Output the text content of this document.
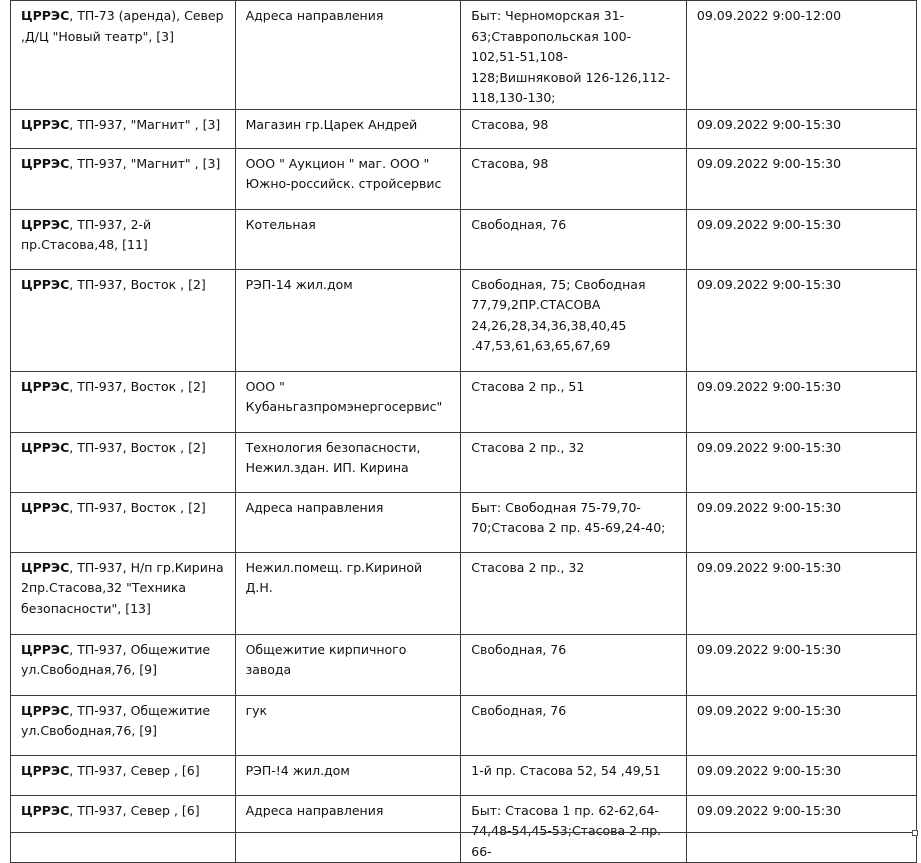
ЦРРЭС, ТП-73 (аренда), Север ,Д/Ц "Новый театр", [3]	Адреса направления	Быт: Черноморская 31-63;Ставропольская 100-102,51-51,108-128;Вишняковой 126-126,112-118,130-130;	09.09.2022 9:00-12:00
ЦРРЭС, ТП-937, "Магнит" , [3]	Магазин гр.Царек Андрей	Стасова, 98	09.09.2022 9:00-15:30
ЦРРЭС, ТП-937, "Магнит" , [3]	ООО " Аукцион " маг. ООО " Южно-российск. стройсервис	Стасова, 98	09.09.2022 9:00-15:30
ЦРРЭС, ТП-937, 2-й пр.Стасова,48, [11]	Котельная	Свободная, 76	09.09.2022 9:00-15:30
ЦРРЭС, ТП-937, Восток , [2]	РЭП-14 жил.дом	Свободная, 75; Свободная 77,79,2ПР.СТАСОВА 24,26,28,34,36,38,40,45 .47,53,61,63,65,67,69	09.09.2022 9:00-15:30
ЦРРЭС, ТП-937, Восток , [2]	ООО " Кубаньгазпромэнергосервис"	Стасова 2 пр., 51	09.09.2022 9:00-15:30
ЦРРЭС, ТП-937, Восток , [2]	Технология безопасности, Нежил.здан. ИП. Кирина	Стасова 2 пр., 32	09.09.2022 9:00-15:30
ЦРРЭС, ТП-937, Восток , [2]	Адреса направления	Быт: Свободная 75-79,70-70;Стасова 2 пр. 45-69,24-40;	09.09.2022 9:00-15:30
ЦРРЭС, ТП-937, Н/п гр.Кирина 2пр.Стасова,32 "Техника безопасности", [13]	Нежил.помещ. гр.Кириной Д.Н.	Стасова 2 пр., 32	09.09.2022 9:00-15:30
ЦРРЭС, ТП-937, Общежитие ул.Свободная,76, [9]	Общежитие кирпичного завода	Свободная, 76	09.09.2022 9:00-15:30
ЦРРЭС, ТП-937, Общежитие ул.Свободная,76, [9]	гук	Свободная, 76	09.09.2022 9:00-15:30
ЦРРЭС, ТП-937, Север , [6]	РЭП-!4 жил.дом	1-й пр. Стасова 52, 54 ,49,51	09.09.2022 9:00-15:30
ЦРРЭС, ТП-937, Север , [6]	Адреса направления	Быт: Стасова 1 пр. 62-62,64-74,48-54,45-53;Стасова 2 пр. 66-	09.09.2022 9:00-15:30
